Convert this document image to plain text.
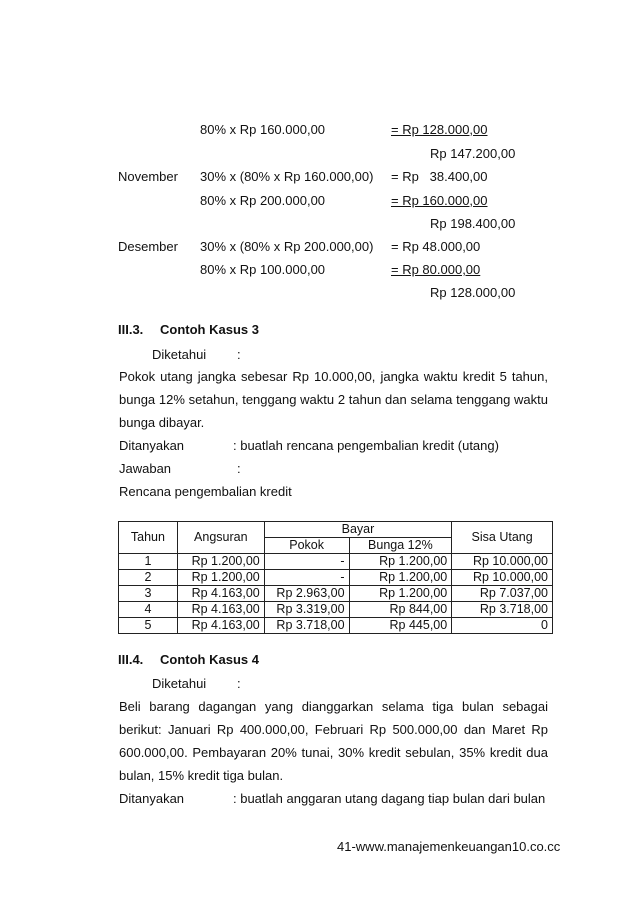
80% x Rp 160.000,00	= Rp 128.000,00
Rp 147.200,00
November 30% x (80% x Rp 160.000,00) = Rp   38.400,00
80% x Rp 200.000,00	= Rp 160.000,00
Rp 198.400,00
Desember 30% x (80% x Rp 200.000,00) = Rp 48.000,00
80% x Rp 100.000,00	= Rp 80.000,00
Rp 128.000,00
III.3. Contoh Kasus 3
Diketahui :
Pokok utang jangka sebesar Rp 10.000,00, jangka waktu kredit 5 tahun,
bunga 12% setahun, tenggang waktu 2 tahun dan selama tenggang waktu
bunga dibayar.
Ditanyakan	: buatlah rencana pengembalian kredit (utang)
Jawaban	:
Rencana pengembalian kredit
Tahun	Angsuran	Bayar		Sisa Utang
		Pokok	Bunga 12%	
1	Rp 1.200,00	-	Rp 1.200,00	Rp 10.000,00
2	Rp 1.200,00	-	Rp 1.200,00	Rp 10.000,00
3	Rp 4.163,00	Rp 2.963,00	Rp 1.200,00	Rp 7.037,00
4	Rp 4.163,00	Rp 3.319,00	Rp 844,00	Rp 3.718,00
5	Rp 4.163,00	Rp 3.718,00	Rp 445,00	0
III.4. Contoh Kasus 4
Diketahui :
Beli barang dagangan yang dianggarkan selama tiga bulan sebagai
berikut: Januari Rp 400.000,00, Februari Rp 500.000,00 dan Maret Rp
600.000,00. Pembayaran 20% tunai, 30% kredit sebulan, 35% kredit dua
bulan, 15% kredit tiga bulan.
Ditanyakan	: buatlah anggaran utang dagang tiap bulan dari bulan
41-www.manajemenkeuangan10.co.cc
